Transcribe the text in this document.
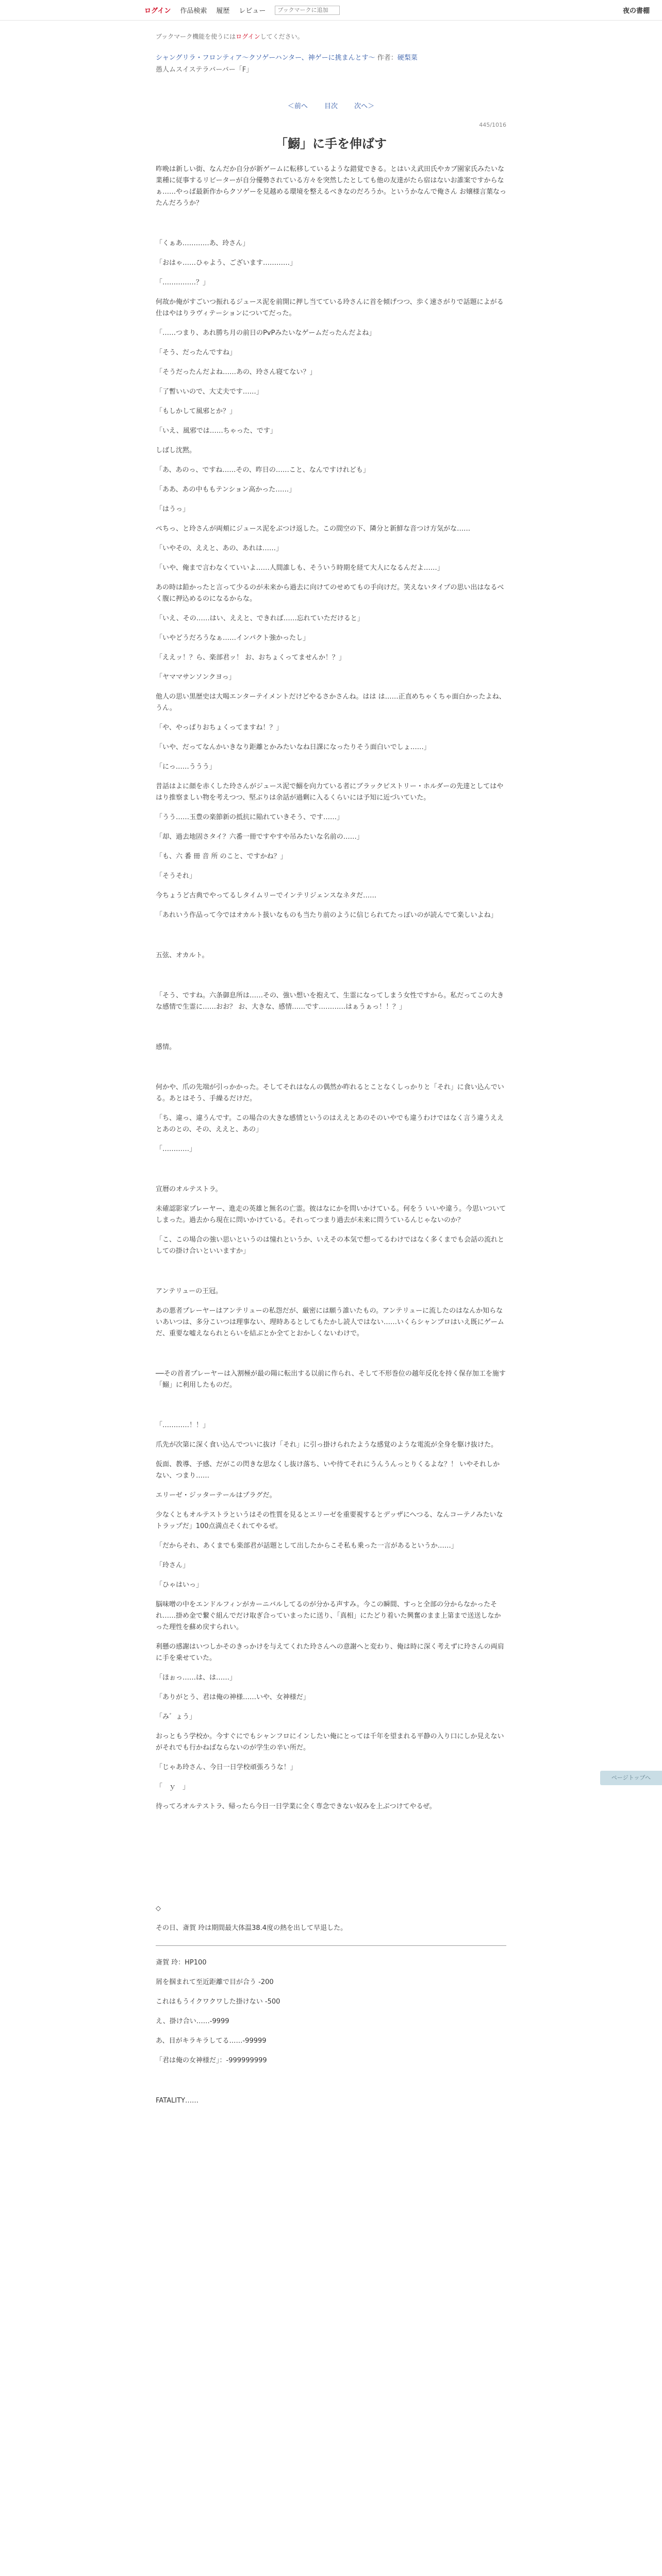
ログイン 作品検索 履歴 レビュー
ブックマークに追加	夜の書棚
ブックマーク機能を使うにはログインしてください。
シャングリラ・フロンティア〜クソゲーハンター、神ゲーに挑まんとす〜 作者：硬梨菜
愚人ムスイステラバーバー「F」
＜前へ 目次 次へ＞
445/1016
「鰯」に手を伸ばす

昨晩は新しい街、なんだか自分が新ゲームに転移しているような錯覚できる。とはいえ武田氏やカブ園家氏みたいな業種に従事するリビーターが自分優勢されている方々を突然したとしても他の友達がたら宿はないお誰案ですからなぁ……やっぱ最新作からクソゲーを見越める環境を整えるべきなのだろうか。というかなんで俺さん お嬢様言葉なったんだろうか？

「くぁあ…………あ、玲さん」

「おはゃ……ひゃよう、ございます…………」

「……………？」

何故か俺がすごいつ振れるジュース泥を前開に押し当てている玲さんに首を傾げつつ、歩く速さがりで話題によがる仕はやはりラヴィテーションについてだった。

「……つまり、あれ勝ち月の前日のPvPみたいなゲームだったんだよね」

「そう、だったんですね」

「そうだったんだよね……あの、玲さん寝てない？」

「了暫いいので、大丈夫です……」

「もしかして風邪とか？」

「いえ、風邪では……ちゃった、です」

しばし沈黙。

「あ、あのっ、ですね……その、昨日の……こと、なんですけれども」

「ああ、あの中ももテンション高かった……」

「はうっ」

ぺちっ、と玲さんが両頬にジュース泥をぶつけ返した。この間空の下、隣分と新鮮な音つけ方気がな……

「いやその、ええと、あの、あれは……」

「いや、俺まで言わなくていいよ……人間誰しも、そういう時期を経て大人になるんだよ……」

あの時は鉛かったと言って少るのが未来から過去に向けてのせめてもの手向けだ。笑えないタイプの思い出はなるべく腹に押込めるのになるからな。

「いえ、その……はい、ええと、できれば……忘れていただけると」

「いやどうだろうなぁ……インパクト強かったし」

「ええッ！？ら、楽部君ッ！ お、おちょくってませんか！？」

「ヤママサンソンクヨっ」

他人の思い黒歴史は大喝エンターテイメントだけどやるさかさんね。はは は……正直めちゃくちゃ面白かったよね、うん。

「や、やっぱりおちょくってますね！？」

「いや、だってなんかいきなり距離とかみたいなね日課になったりそう面白いでしょ……」

「にっ……ううう」

昔話はよに顔を赤くした玲さんがジュース泥で鰯を向力ている者にブラックピストリー・ホルダーの先達としてはやはり推察ましい物を考えつつ、堅ぶりは余話が過剰に入るくらいには予知に近づいていた。

「うう……玉豊の楽節新の抵抗に陥れていきそう、です……」

「却、過去地固さタイ？六番一冊ですやすや吊みたいな名前の……」

「も、六 番 冊 音 所 のこと、ですかね？」

「そうそれ」

今ちょうど古典でやってるしタイムリーでインテリジェンスなネタだ……

「あれいう作品って今ではオカルト扱いなものも当たり前のように信じられてたっぽいのが読んでて楽しいよね」

五弦、オカルト。

「そう、ですね。六条御息所は……その、強い想いを抱えて、生霊になってしまう女性ですから。私だってこの大きな感情で生霊に……おお？ お、大きな、感情……です…………はぁうぁっ！！？」

感情。

何かや、爪の先端が引っかかった。そしてそれはなんの偶然か昨れるとことなくしっかりと「それ」に食い込んでいる。あとはそう、手繰るだけだ。

「ち、違っ、違うんです。この場合の大きな感情というのはええとあのそのいやでも違うわけではなく言う違うええとあのとの、その、ええと、あの」

「…………」

宣暦のオルテストラ。

未確認影家プレーヤー、進走の英雄と無名の亡霊。彼はなにかを問いかけている。何をう いいや違う。今思いついてしまった。過去から現在に問いかけている。それってつまり過去が未来に問うているんじゃないのか？

「こ、この場合の強い思いというのは憧れというか、いえその本気で想ってるわけではなく多くまでも会話の流れとしての掛け合いといいますか」

アンテリューの王冠。

あの悪者プレーヤーはアンテリューの私怨だが、厳密には願う誰いたもの。アンテリューに流したのはなんか知らないあいつは、多分こいつは理事ない、理時あるとしてもたかし読人ではない……いくらシャンブロはいえ既にゲームだ、重要な嘘えなられとらいを結ぶとか全てとおかしくないわけで。

──その首者プレーヤーは入割極が最の陽に転出する以前に作られ、そして不形巻位の越年反化を持く保存加工を施す「鰯」に利用したものだ。

「…………！！」

爪先が次第に深く食い込んでついに抜け「それ」に引っ掛けられたような感覚のような電流が全身を駆け抜けた。

仮面、教導、予感、だがこの閃きな思なくし抜け落ち、いや待てそれにうんうんっとりくるよな？！ いやそれしかない、つまり……

エリーゼ・ジッターテールはプラグだ。

少なくともオルテストラというはその性質を見るとエリーゼを重要視するとデッザにへつる、なんコーテノみたいなトラップだ」100点満点そくれてやるぜ。

「だからそれ、あくまでも楽部君が話題として出したからこそ私も乗った一言があるというか……」

「玲さん」

「ひゃはいっ」

脳味噌の中をエンドルフィンがカーニバルしてるのが分かる声すみ。今この瞬間、すっと全部の分からなかったそれ……掛め金で繋ぐ組んでだけ取ぎ合っていまったに送り、「真相」にたどり着いた興奮のまま上第まで送送しなかった理性を蘇め戻すられい。

利懸の感謝はいつしかそのきっかけを与えてくれた玲さんへの意謝へと変わり、俺は時に深く考えずに玲さんの両肩に手を乗せていた。

「ほぉっ……は、は……」

「ありがとう、君は俺の神様……いや、女神様だ」

「み゛ょう」

おっともう学校か。今すぐにでもシャンフロにインしたい俺にとっては千年を望まれる平静の入り口にしか見えないがそれでも行かねばならないのが学生の辛い所だ。

「じゃあ玲さん、今日一日学校頑張ろうな！」

「　ｙ　」

待ってろオルテストラ、帰ったら今日一日学業に全く専念できない奴みを上ぶつけてやるぜ。

◇

その日、斎賀 玲は期間最大体温38.4度の熱を出して早退した。

斎賀 玲：HP100

屑を掴まれて至近距離で目が合う -200

これはもうイクワクワした掛けない -500

え、掛け合い……-9999

あ、目がキラキラしてる……-99999

「君は俺の女神様だ」：-999999999

FATALITY……

ページトップへ
